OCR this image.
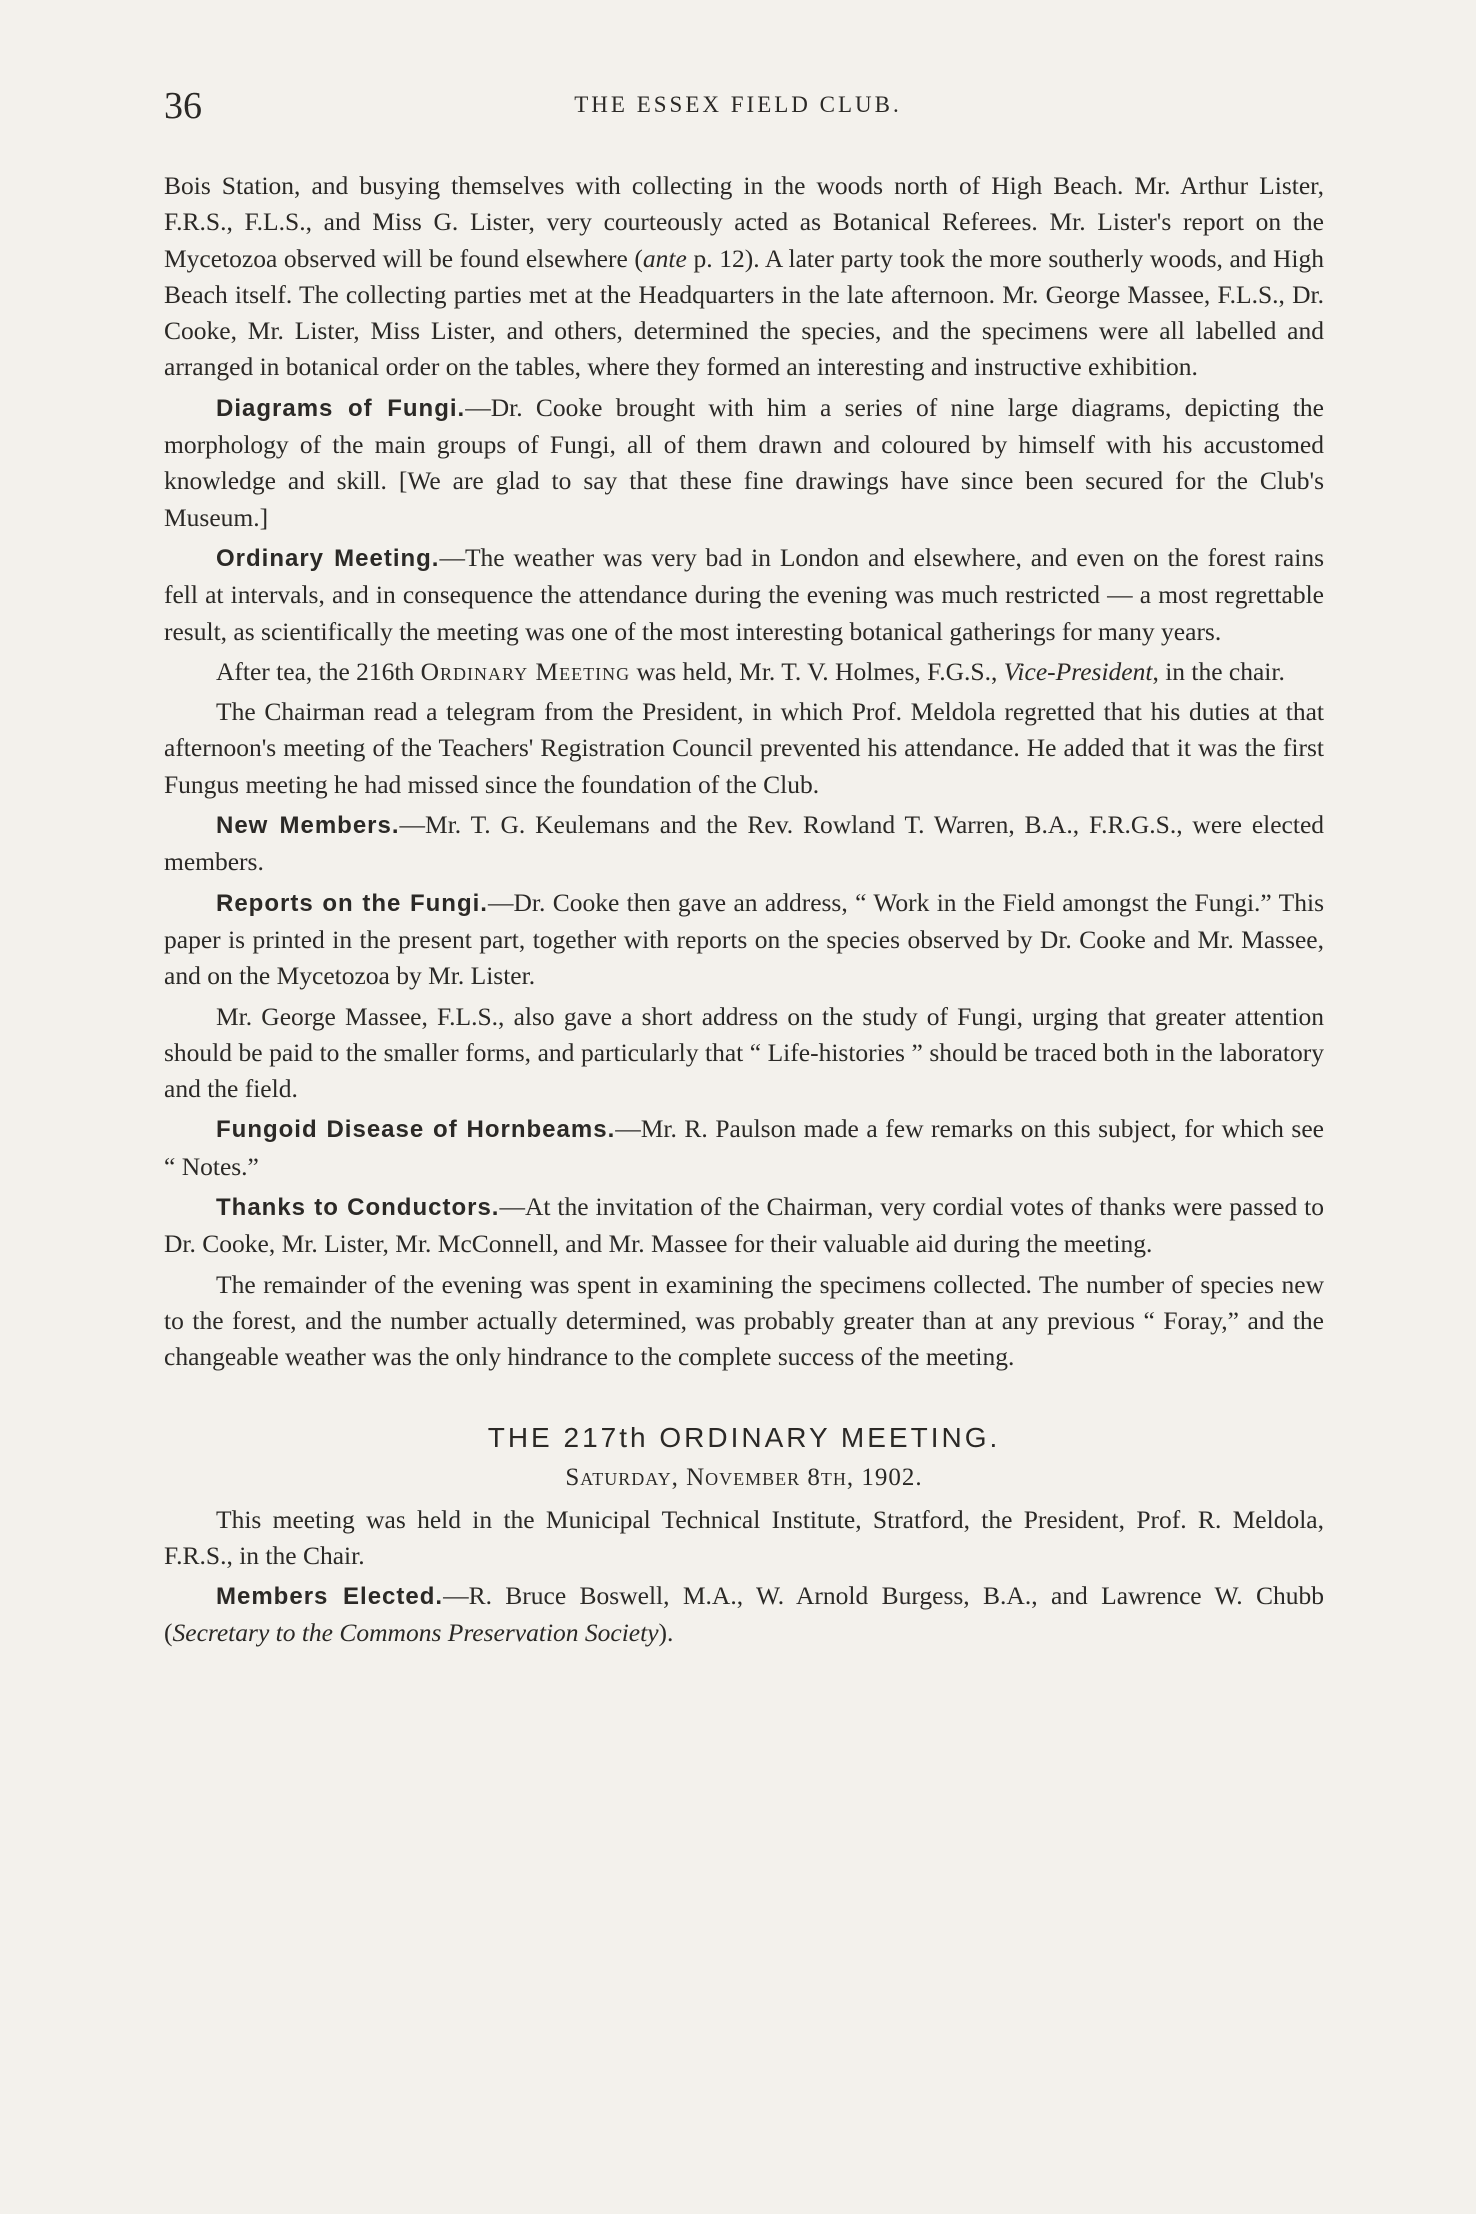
36	THE ESSEX FIELD CLUB.

Bois Station, and busying themselves with collecting in the woods north of High Beach. Mr. Arthur Lister, F.R.S., F.L.S., and Miss G. Lister, very courteously acted as Botanical Referees. Mr. Lister's report on the Mycetozoa observed will be found elsewhere (ante p. 12). A later party took the more southerly woods, and High Beach itself. The collecting parties met at the Headquarters in the late afternoon. Mr. George Massee, F.L.S., Dr. Cooke, Mr. Lister, Miss Lister, and others, determined the species, and the specimens were all labelled and arranged in botanical order on the tables, where they formed an interesting and instructive exhibition.

Diagrams of Fungi.—Dr. Cooke brought with him a series of nine large diagrams, depicting the morphology of the main groups of Fungi, all of them drawn and coloured by himself with his accustomed knowledge and skill. [We are glad to say that these fine drawings have since been secured for the Club's Museum.]

Ordinary Meeting.—The weather was very bad in London and elsewhere, and even on the forest rains fell at intervals, and in consequence the attendance during the evening was much restricted — a most regrettable result, as scientifically the meeting was one of the most interesting botanical gatherings for many years.

After tea, the 216th Ordinary Meeting was held, Mr. T. V. Holmes, F.G.S., Vice-President, in the chair.

The Chairman read a telegram from the President, in which Prof. Meldola regretted that his duties at that afternoon's meeting of the Teachers' Registration Council prevented his attendance. He added that it was the first Fungus meeting he had missed since the foundation of the Club.

New Members.—Mr. T. G. Keulemans and the Rev. Rowland T. Warren, B.A., F.R.G.S., were elected members.

Reports on the Fungi.—Dr. Cooke then gave an address, “ Work in the Field amongst the Fungi.” This paper is printed in the present part, together with reports on the species observed by Dr. Cooke and Mr. Massee, and on the Mycetozoa by Mr. Lister.

Mr. George Massee, F.L.S., also gave a short address on the study of Fungi, urging that greater attention should be paid to the smaller forms, and particularly that “ Life-histories ” should be traced both in the laboratory and the field.

Fungoid Disease of Hornbeams.—Mr. R. Paulson made a few remarks on this subject, for which see “ Notes.”

Thanks to Conductors.—At the invitation of the Chairman, very cordial votes of thanks were passed to Dr. Cooke, Mr. Lister, Mr. McConnell, and Mr. Massee for their valuable aid during the meeting.

The remainder of the evening was spent in examining the specimens collected. The number of species new to the forest, and the number actually determined, was probably greater than at any previous “ Foray,” and the changeable weather was the only hindrance to the complete success of the meeting.

THE 217th ORDINARY MEETING.
Saturday, November 8th, 1902.

This meeting was held in the Municipal Technical Institute, Stratford, the President, Prof. R. Meldola, F.R.S., in the Chair.

Members Elected.—R. Bruce Boswell, M.A., W. Arnold Burgess, B.A., and Lawrence W. Chubb (Secretary to the Commons Preservation Society).
